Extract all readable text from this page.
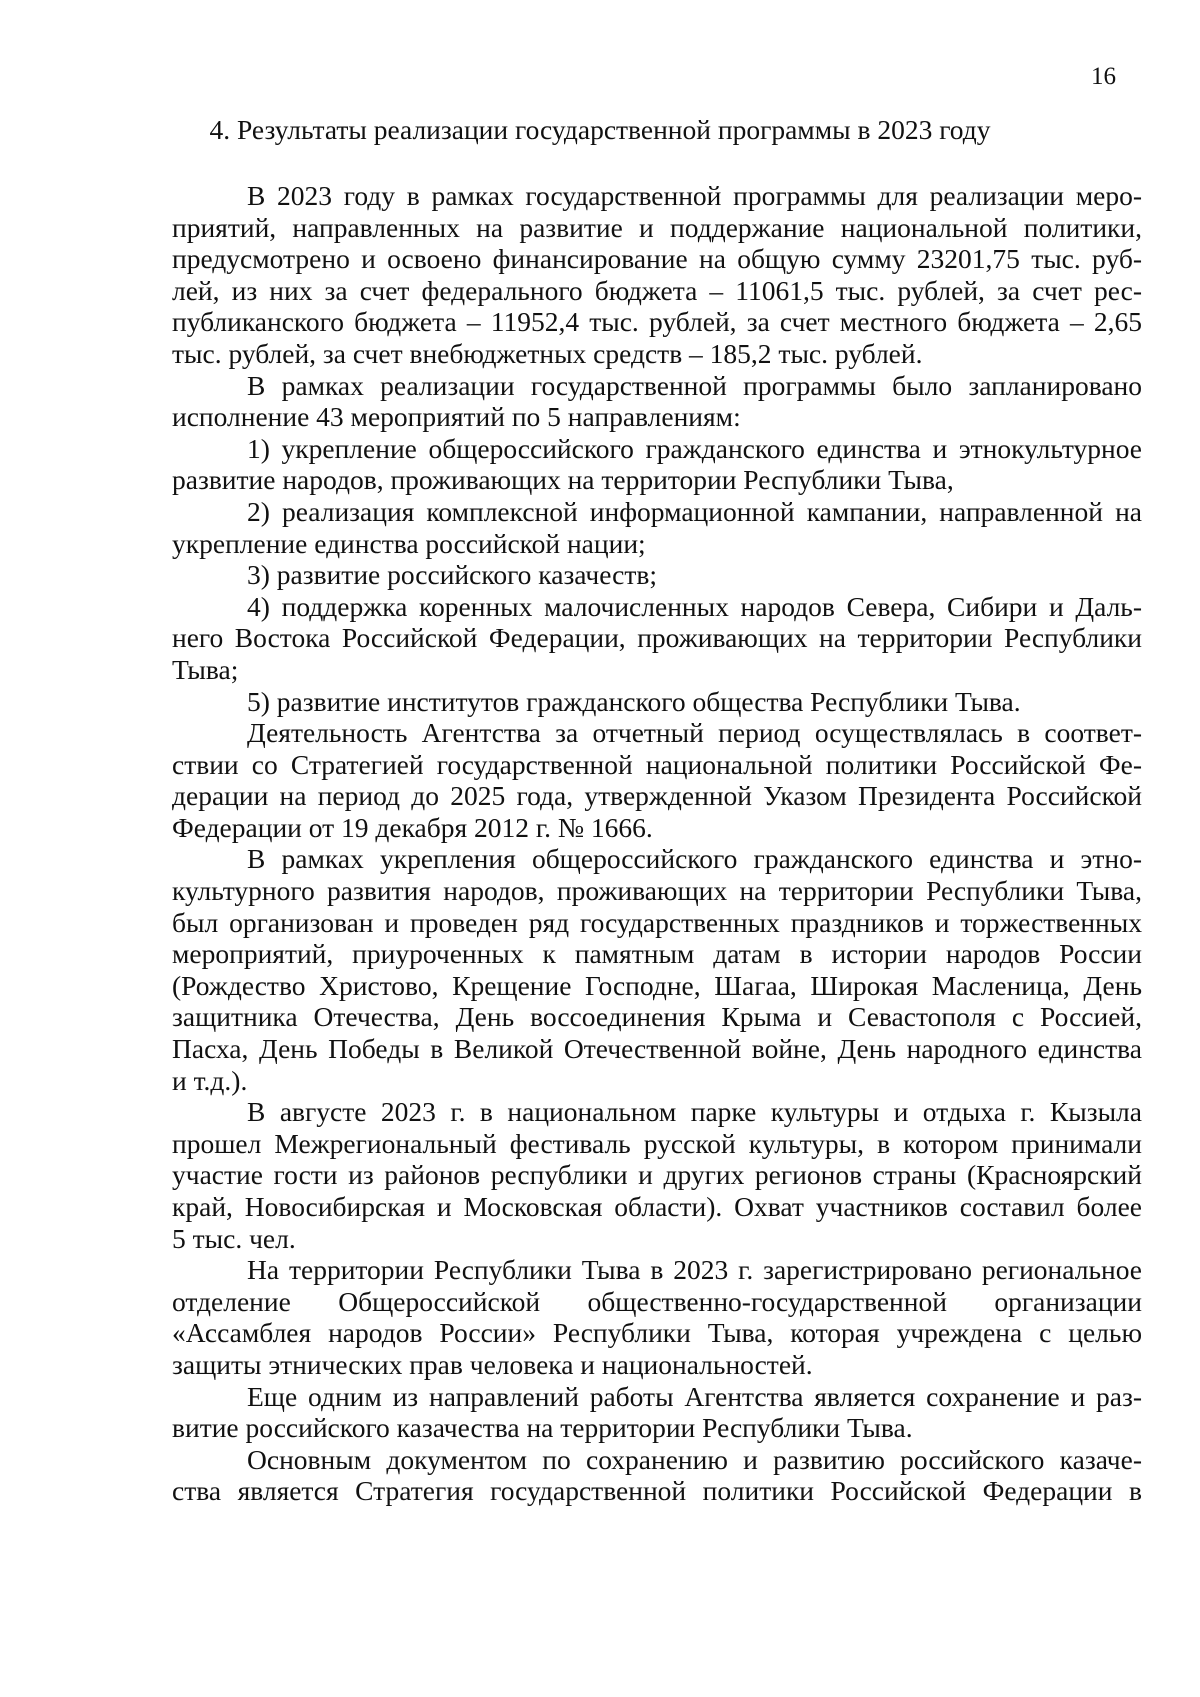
16
4. Результаты реализации государственной программы в 2023 году
В 2023 году в рамках государственной программы для реализации меро-
приятий, направленных на развитие и поддержание национальной политики,
предусмотрено и освоено финансирование на общую сумму 23201,75 тыс. руб-
лей, из них за счет федерального бюджета – 11061,5 тыс. рублей, за счет рес-
публиканского бюджета – 11952,4 тыс. рублей, за счет местного бюджета – 2,65
тыс. рублей, за счет внебюджетных средств – 185,2 тыс. рублей.
В рамках реализации государственной программы было запланировано
исполнение 43 мероприятий по 5 направлениям:
1) укрепление общероссийского гражданского единства и этнокультурное
развитие народов, проживающих на территории Республики Тыва,
2) реализация комплексной информационной кампании, направленной на
укрепление единства российской нации;
3) развитие российского казачеств;
4) поддержка коренных малочисленных народов Севера, Сибири и Даль-
него Востока Российской Федерации, проживающих на территории Республики
Тыва;
5) развитие институтов гражданского общества Республики Тыва.
Деятельность Агентства за отчетный период осуществлялась в соответ-
ствии со Стратегией государственной национальной политики Российской Фе-
дерации на период до 2025 года, утвержденной Указом Президента Российской
Федерации от 19 декабря 2012 г. № 1666.
В рамках укрепления общероссийского гражданского единства и этно-
культурного развития народов, проживающих на территории Республики Тыва,
был организован и проведен ряд государственных праздников и торжественных
мероприятий, приуроченных к памятным датам в истории народов России
(Рождество Христово, Крещение Господне, Шагаа, Широкая Масленица, День
защитника Отечества, День воссоединения Крыма и Севастополя с Россией,
Пасха, День Победы в Великой Отечественной войне, День народного единства
и т.д.).
В августе 2023 г. в национальном парке культуры и отдыха г. Кызыла
прошел Межрегиональный фестиваль русской культуры, в котором принимали
участие гости из районов республики и других регионов страны (Красноярский
край, Новосибирская и Московская области). Охват участников составил более
5 тыс. чел.
На территории Республики Тыва в 2023 г. зарегистрировано региональное
отделение Общероссийской общественно-государственной организации
«Ассамблея народов России» Республики Тыва, которая учреждена с целью
защиты этнических прав человека и национальностей.
Еще одним из направлений работы Агентства является сохранение и раз-
витие российского казачества на территории Республики Тыва.
Основным документом по сохранению и развитию российского казаче-
ства является Стратегия государственной политики Российской Федерации в
